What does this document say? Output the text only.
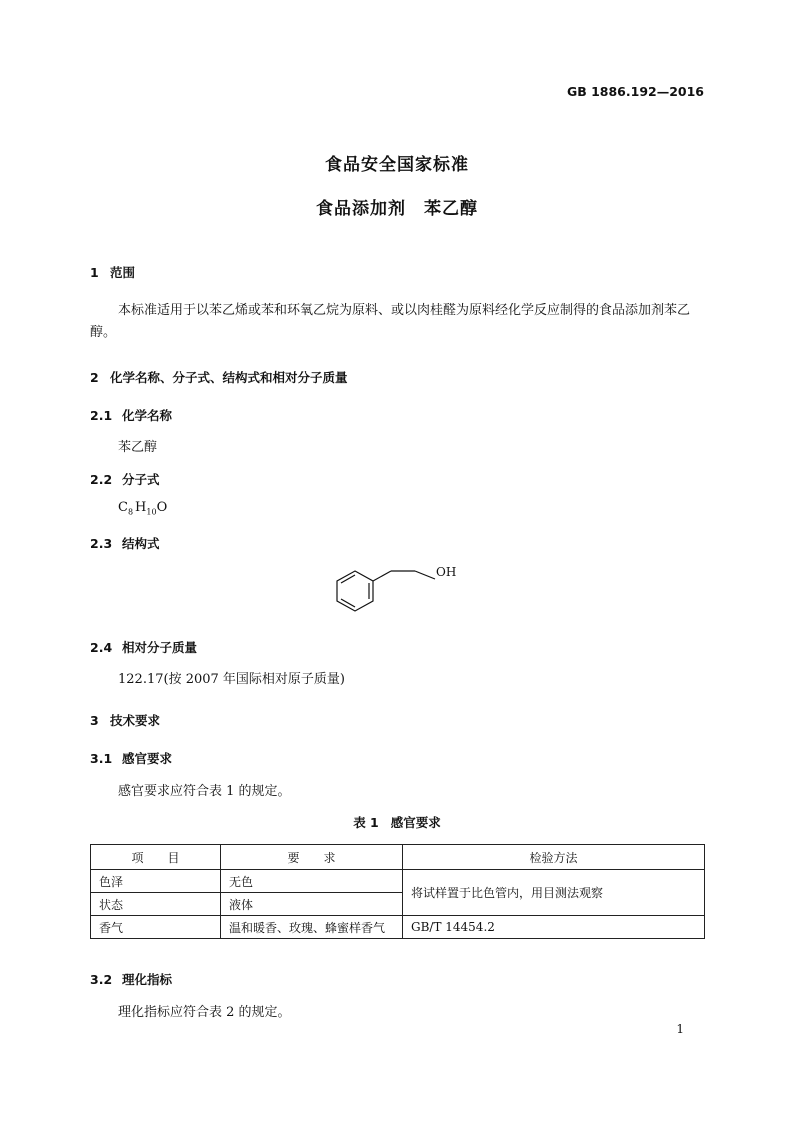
GB 1886.192—2016
食品安全国家标准
食品添加剂　苯乙醇
1 范围
本标准适用于以苯乙烯或苯和环氧乙烷为原料、或以肉桂醛为原料经化学反应制得的食品添加剂苯乙醇。
2 化学名称、分子式、结构式和相对分子质量
2.1 化学名称
苯乙醇
2.2 分子式
$C_8$ $H_{10}O$
2.3 结构式
OH
2.4 相对分子质量
122.17(按 2007 年国际相对原子质量)
3 技术要求
3.1 感官要求
感官要求应符合表 1 的规定。
表 1 感官要求
项　　目	要　　求	检验方法
色泽	无色	将试样置于比色管内，用目测法观察
状态	液体	
香气	温和暖香、玫瑰、蜂蜜样香气	GB/T 14454.2
3.2 理化指标
理化指标应符合表 2 的规定。
1
